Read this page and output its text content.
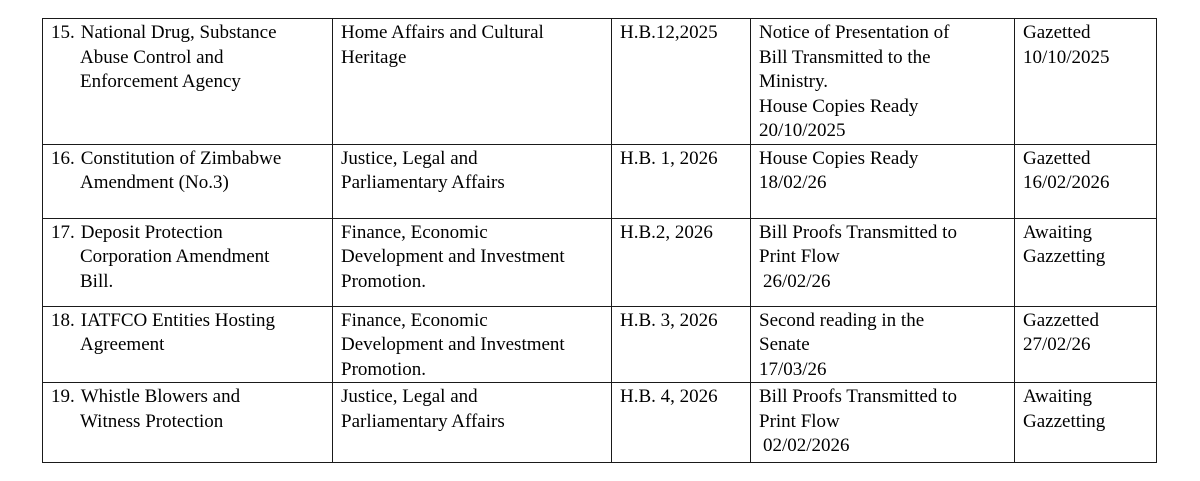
15. National Drug, Substance
Abuse Control and
Enforcement Agency	Home Affairs and Cultural
Heritage	H.B.12,2025	Notice of Presentation of
Bill Transmitted to the
Ministry.
House Copies Ready
20/10/2025	Gazetted
10/10/2025

16. Constitution of Zimbabwe
Amendment (No.3)	Justice, Legal and
Parliamentary Affairs	H.B. 1, 2026	House Copies Ready
18/02/26	Gazetted
16/02/2026

17. Deposit Protection
Corporation Amendment
Bill.	Finance, Economic
Development and Investment
Promotion.	H.B.2, 2026	Bill Proofs Transmitted to
Print Flow
26/02/26	Awaiting
Gazzetting

18. IATFCO Entities Hosting
Agreement	Finance, Economic
Development and Investment
Promotion.	H.B. 3, 2026	Second reading in the
Senate
17/03/26	Gazzetted
27/02/26

19. Whistle Blowers and
Witness Protection	Justice, Legal and
Parliamentary Affairs	H.B. 4, 2026	Bill Proofs Transmitted to
Print Flow
02/02/2026	Awaiting
Gazzetting
